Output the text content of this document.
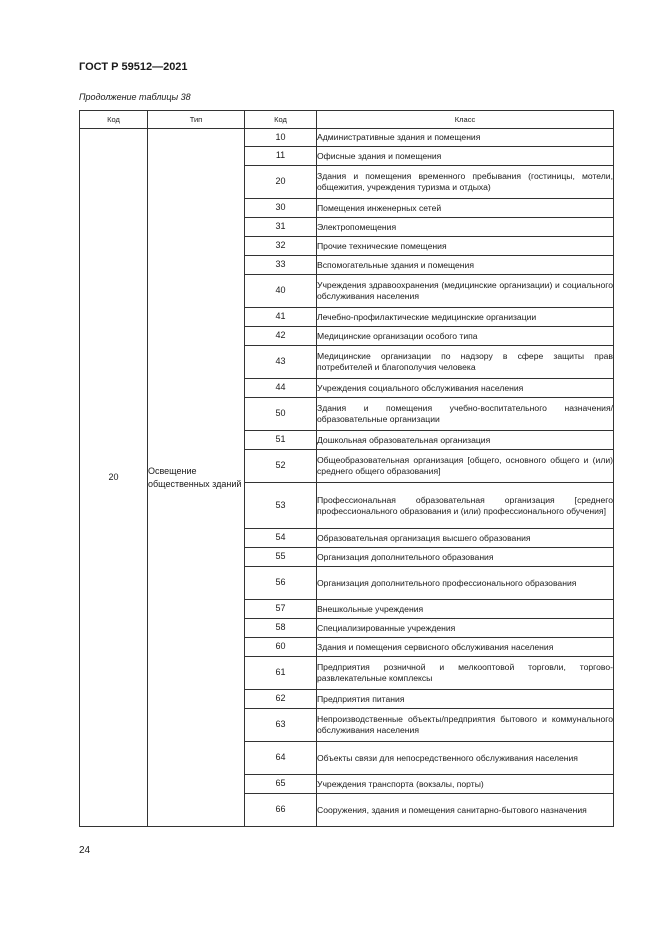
ГОСТ Р 59512—2021
Продолжение таблицы 38
Код	Тип	Код	Класс
20	Освещение общественных зданий	10	Административные здания и помещения
		11	Офисные здания и помещения
		20	Здания и помещения временного пребывания (гостиницы, мотели, общежития, учреждения туризма и отдыха)
		30	Помещения инженерных сетей
		31	Электропомещения
		32	Прочие технические помещения
		33	Вспомогательные здания и помещения
		40	Учреждения здравоохранения (медицинские организации) и социального обслуживания населения
		41	Лечебно-профилактические медицинские организации
		42	Медицинские организации особого типа
		43	Медицинские организации по надзору в сфере защиты прав потребителей и благополучия человека
		44	Учреждения социального обслуживания населения
		50	Здания и помещения учебно-воспитательного назначения/образовательные организации
		51	Дошкольная образовательная организация
		52	Общеобразовательная организация [общего, основного общего и (или) среднего общего образования]
		53	Профессиональная образовательная организация [среднего профессионального образования и (или) профессионального обучения]
		54	Образовательная организация высшего образования
		55	Организация дополнительного образования
		56	Организация дополнительного профессионального образования
		57	Внешкольные учреждения
		58	Специализированные учреждения
		60	Здания и помещения сервисного обслуживания населения
		61	Предприятия розничной и мелкооптовой торговли, торгово-развлекательные комплексы
		62	Предприятия питания
		63	Непроизводственные объекты/предприятия бытового и коммунального обслуживания населения
		64	Объекты связи для непосредственного обслуживания населения
		65	Учреждения транспорта (вокзалы, порты)
		66	Сооружения, здания и помещения санитарно-бытового назначения
24
